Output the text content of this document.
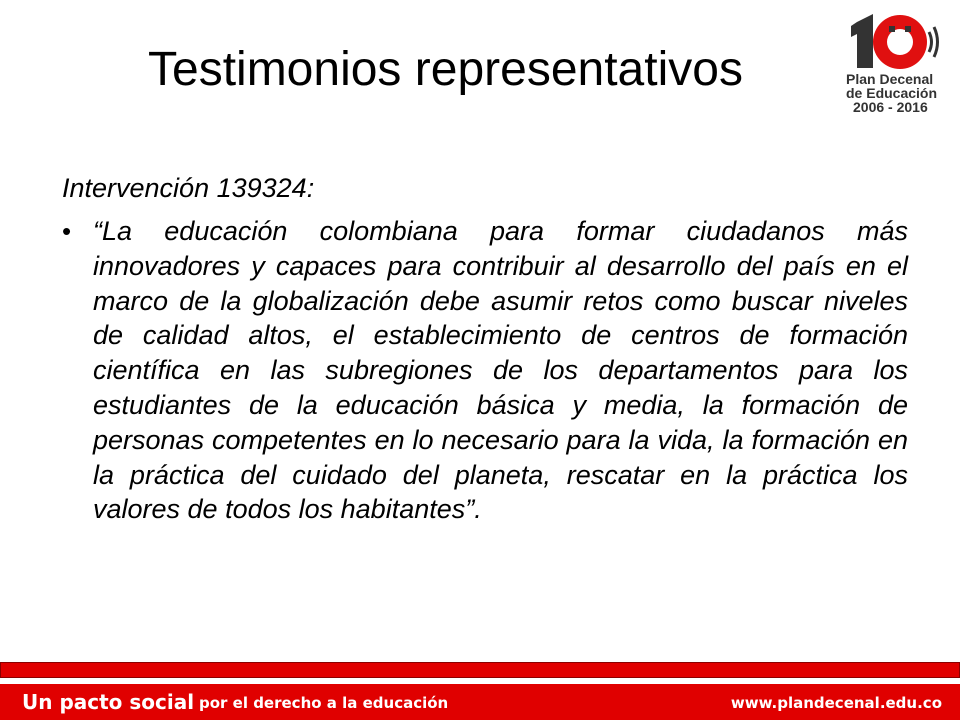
Testimonios representativos	Plan Decenal
de Educación
2006 - 2016
Intervención 139324:
• “La educación colombiana para formar ciudadanos más innovadores y capaces para contribuir al desarrollo del país en el marco de la globalización debe asumir retos como buscar niveles de calidad altos, el establecimiento de centros de formación científica en las subregiones de los departamentos para los estudiantes de la educación básica y media, la formación de personas competentes en lo necesario para la vida, la formación en la práctica del cuidado del planeta, rescatar en la práctica los valores de todos los habitantes”.

Un pacto social por el derecho a la educación	www.plandecenal.edu.co
